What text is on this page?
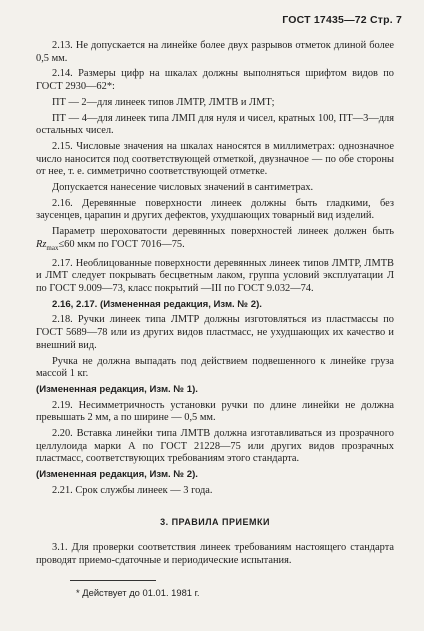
ГОСТ 17435—72 Стр. 7

2.13. Не допускается на линейке более двух разрывов отметок длиной более 0,5 мм.

2.14. Размеры цифр на шкалах должны выполняться шрифтом видов по ГОСТ 2930—62*:

ПТ — 2—для линеек типов ЛМТР, ЛМТВ и ЛМТ;

ПТ — 4—для линеек типа ЛМП для нуля и чисел, кратных 100, ПТ—3—для остальных чисел.

2.15. Числовые значения на шкалах наносятся в миллиметрах: однозначное число наносится под соответствующей отметкой, двузначное — по обе стороны от нее, т. е. симметрично соответствующей отметке.

Допускается нанесение числовых значений в сантиметрах.

2.16. Деревянные поверхности линеек должны быть гладкими, без заусенцев, царапин и других дефектов, ухудшающих товарный вид изделий.

Параметр шероховатости деревянных поверхностей линеек должен быть $Rz_{max}\le 60$ мкм по ГОСТ 7016—75.

2.17. Необлицованные поверхности деревянных линеек типов ЛМТР, ЛМТВ и ЛМТ следует покрывать бесцветным лаком, группа условий эксплуатации Л по ГОСТ 9.009—73, класс покрытий —III по ГОСТ 9.032—74.

2.16, 2.17. (Измененная редакция, Изм. № 2).

2.18. Ручки линеек типа ЛМТР должны изготовляться из пластмассы по ГОСТ 5689—78 или из других видов пластмасс, не ухудшающих их качество и внешний вид.

Ручка не должна выпадать под действием подвешенного к линейке груза массой 1 кг.

(Измененная редакция, Изм. № 1).

2.19. Несимметричность установки ручки по длине линейки не должна превышать 2 мм, а по ширине — 0,5 мм.

2.20. Вставка линейки типа ЛМТВ должна изготавливаться из прозрачного целлулоида марки А по ГОСТ 21228—75 или других видов прозрачных пластмасс, соответствующих требованиям этого стандарта.

(Измененная редакция, Изм. № 2).

2.21. Срок службы линеек — 3 года.

3. ПРАВИЛА ПРИЕМКИ

3.1. Для проверки соответствия линеек требованиям настоящего стандарта проводят приемо-сдаточные и периодические испытания.

* Действует до 01.01. 1981 г.
